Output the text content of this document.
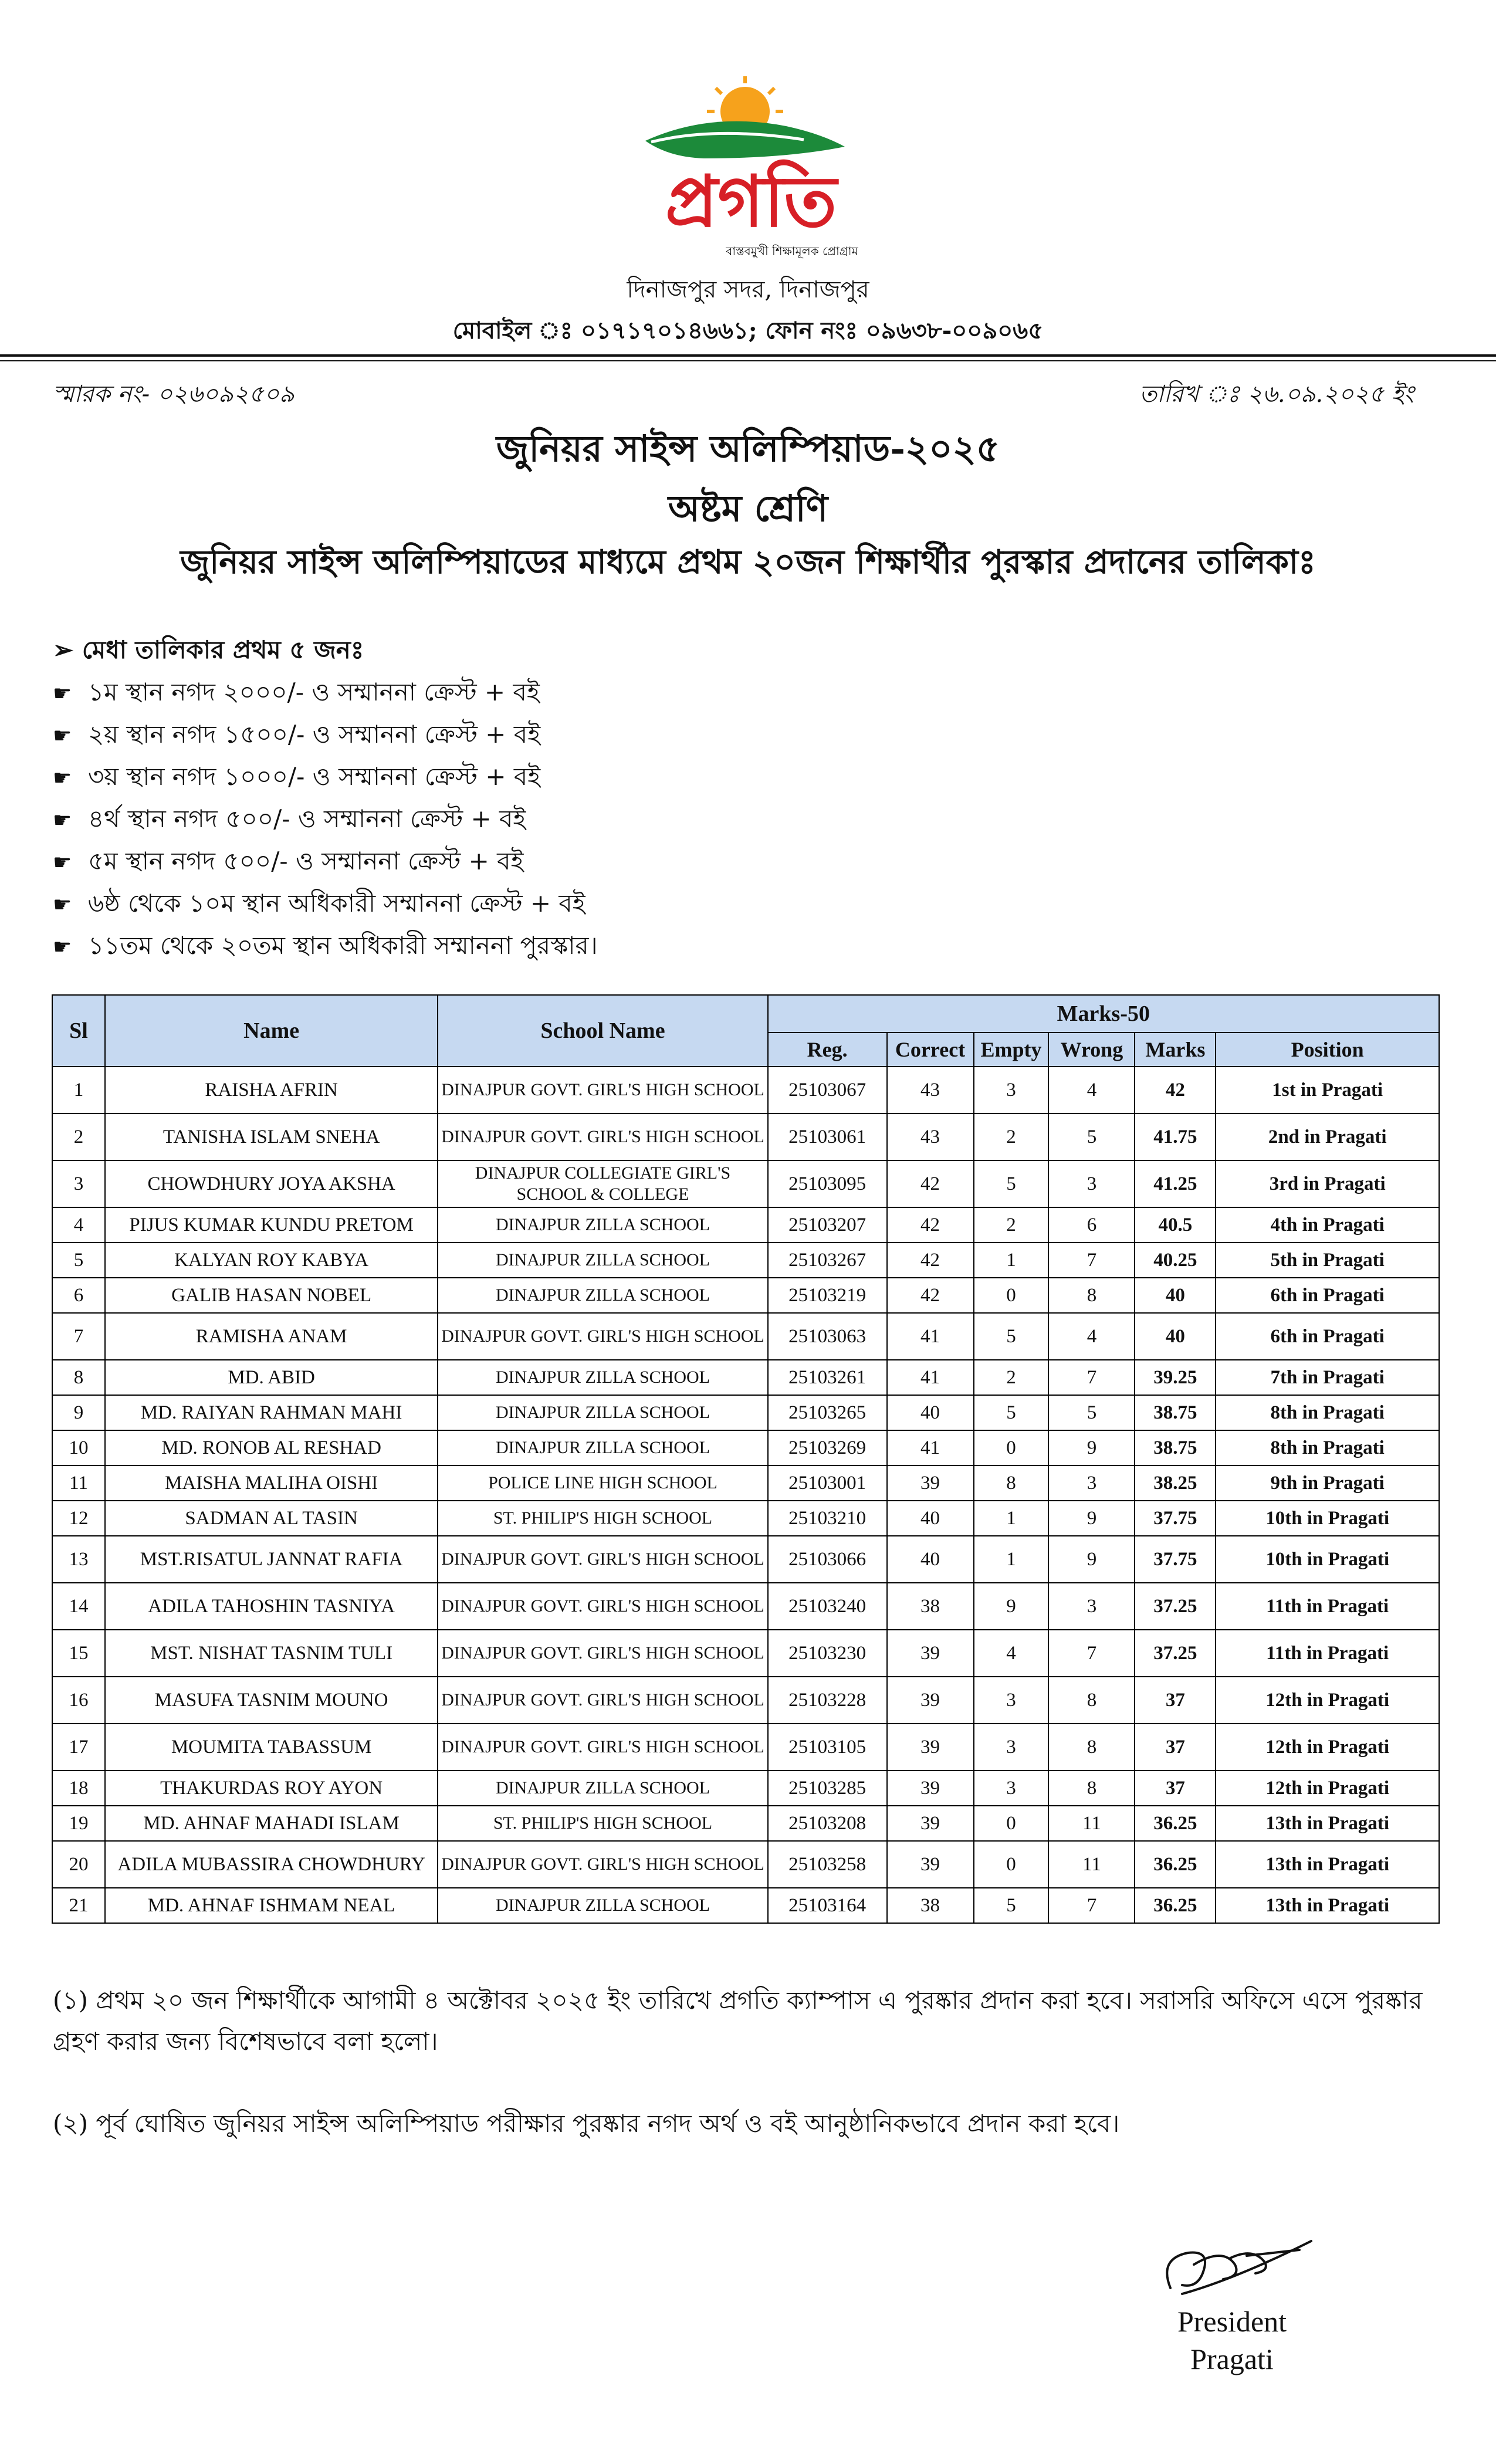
প্রগতি
বাস্তবমুখী শিক্ষামূলক প্রোগ্রাম
দিনাজপুর সদর, দিনাজপুর
মোবাইল ঃ ০১৭১৭০১৪৬৬১; ফোন নংঃ ০৯৬৩৮-০০৯০৬৫
স্মারক নং- ০২৬০৯২৫০৯	তারিখ ঃ ২৬.০৯.২০২৫ ইং
জুনিয়র সাইন্স অলিম্পিয়াড-২০২৫
অষ্টম শ্রেণি
জুনিয়র সাইন্স অলিম্পিয়াডের মাধ্যমে প্রথম ২০জন শিক্ষার্থীর পুরস্কার প্রদানের তালিকাঃ
➢ মেধা তালিকার প্রথম ৫ জনঃ
☛ ১ম স্থান নগদ ২০০০/- ও সম্মাননা ক্রেস্ট + বই
☛ ২য় স্থান নগদ ১৫০০/- ও সম্মাননা ক্রেস্ট + বই
☛ ৩য় স্থান নগদ ১০০০/- ও সম্মাননা ক্রেস্ট + বই
☛ ৪র্থ স্থান নগদ ৫০০/- ও সম্মাননা ক্রেস্ট + বই
☛ ৫ম স্থান নগদ ৫০০/- ও সম্মাননা ক্রেস্ট + বই
☛ ৬ষ্ঠ থেকে ১০ম স্থান অধিকারী সম্মাননা ক্রেস্ট + বই
☛ ১১তম থেকে ২০তম স্থান অধিকারী সম্মাননা পুরস্কার।
Sl	Name	School Name	Marks-50					
			Reg.	Correct	Empty	Wrong	Marks	Position
1	RAISHA AFRIN	DINAJPUR GOVT. GIRL'S HIGH SCHOOL	25103067	43	3	4	42	1st in Pragati
2	TANISHA ISLAM SNEHA	DINAJPUR GOVT. GIRL'S HIGH SCHOOL	25103061	43	2	5	41.75	2nd in Pragati
3	CHOWDHURY JOYA AKSHA	DINAJPUR COLLEGIATE GIRL'S SCHOOL & COLLEGE	25103095	42	5	3	41.25	3rd in Pragati
4	PIJUS KUMAR KUNDU PRETOM	DINAJPUR ZILLA SCHOOL	25103207	42	2	6	40.5	4th in Pragati
5	KALYAN ROY KABYA	DINAJPUR ZILLA SCHOOL	25103267	42	1	7	40.25	5th in Pragati
6	GALIB HASAN NOBEL	DINAJPUR ZILLA SCHOOL	25103219	42	0	8	40	6th in Pragati
7	RAMISHA ANAM	DINAJPUR GOVT. GIRL'S HIGH SCHOOL	25103063	41	5	4	40	6th in Pragati
8	MD. ABID	DINAJPUR ZILLA SCHOOL	25103261	41	2	7	39.25	7th in Pragati
9	MD. RAIYAN RAHMAN MAHI	DINAJPUR ZILLA SCHOOL	25103265	40	5	5	38.75	8th in Pragati
10	MD. RONOB AL RESHAD	DINAJPUR ZILLA SCHOOL	25103269	41	0	9	38.75	8th in Pragati
11	MAISHA MALIHA OISHI	POLICE LINE HIGH SCHOOL	25103001	39	8	3	38.25	9th in Pragati
12	SADMAN AL TASIN	ST. PHILIP'S HIGH SCHOOL	25103210	40	1	9	37.75	10th in Pragati
13	MST.RISATUL JANNAT RAFIA	DINAJPUR GOVT. GIRL'S HIGH SCHOOL	25103066	40	1	9	37.75	10th in Pragati
14	ADILA TAHOSHIN TASNIYA	DINAJPUR GOVT. GIRL'S HIGH SCHOOL	25103240	38	9	3	37.25	11th in Pragati
15	MST. NISHAT TASNIM TULI	DINAJPUR GOVT. GIRL'S HIGH SCHOOL	25103230	39	4	7	37.25	11th in Pragati
16	MASUFA TASNIM MOUNO	DINAJPUR GOVT. GIRL'S HIGH SCHOOL	25103228	39	3	8	37	12th in Pragati
17	MOUMITA TABASSUM	DINAJPUR GOVT. GIRL'S HIGH SCHOOL	25103105	39	3	8	37	12th in Pragati
18	THAKURDAS ROY AYON	DINAJPUR ZILLA SCHOOL	25103285	39	3	8	37	12th in Pragati
19	MD. AHNAF MAHADI ISLAM	ST. PHILIP'S HIGH SCHOOL	25103208	39	0	11	36.25	13th in Pragati
20	ADILA MUBASSIRA CHOWDHURY	DINAJPUR GOVT. GIRL'S HIGH SCHOOL	25103258	39	0	11	36.25	13th in Pragati
21	MD. AHNAF ISHMAM NEAL	DINAJPUR ZILLA SCHOOL	25103164	38	5	7	36.25	13th in Pragati
(১) প্রথম ২০ জন শিক্ষার্থীকে আগামী ৪ অক্টোবর ২০২৫ ইং তারিখে প্রগতি ক্যাম্পাস এ পুরষ্কার প্রদান করা হবে। সরাসরি অফিসে এসে পুরষ্কার গ্রহণ করার জন্য বিশেষভাবে বলা হলো।
(২) পূর্ব ঘোষিত জুনিয়র সাইন্স অলিম্পিয়াড পরীক্ষার পুরষ্কার নগদ অর্থ ও বই আনুষ্ঠানিকভাবে প্রদান করা হবে।
President
Pragati
